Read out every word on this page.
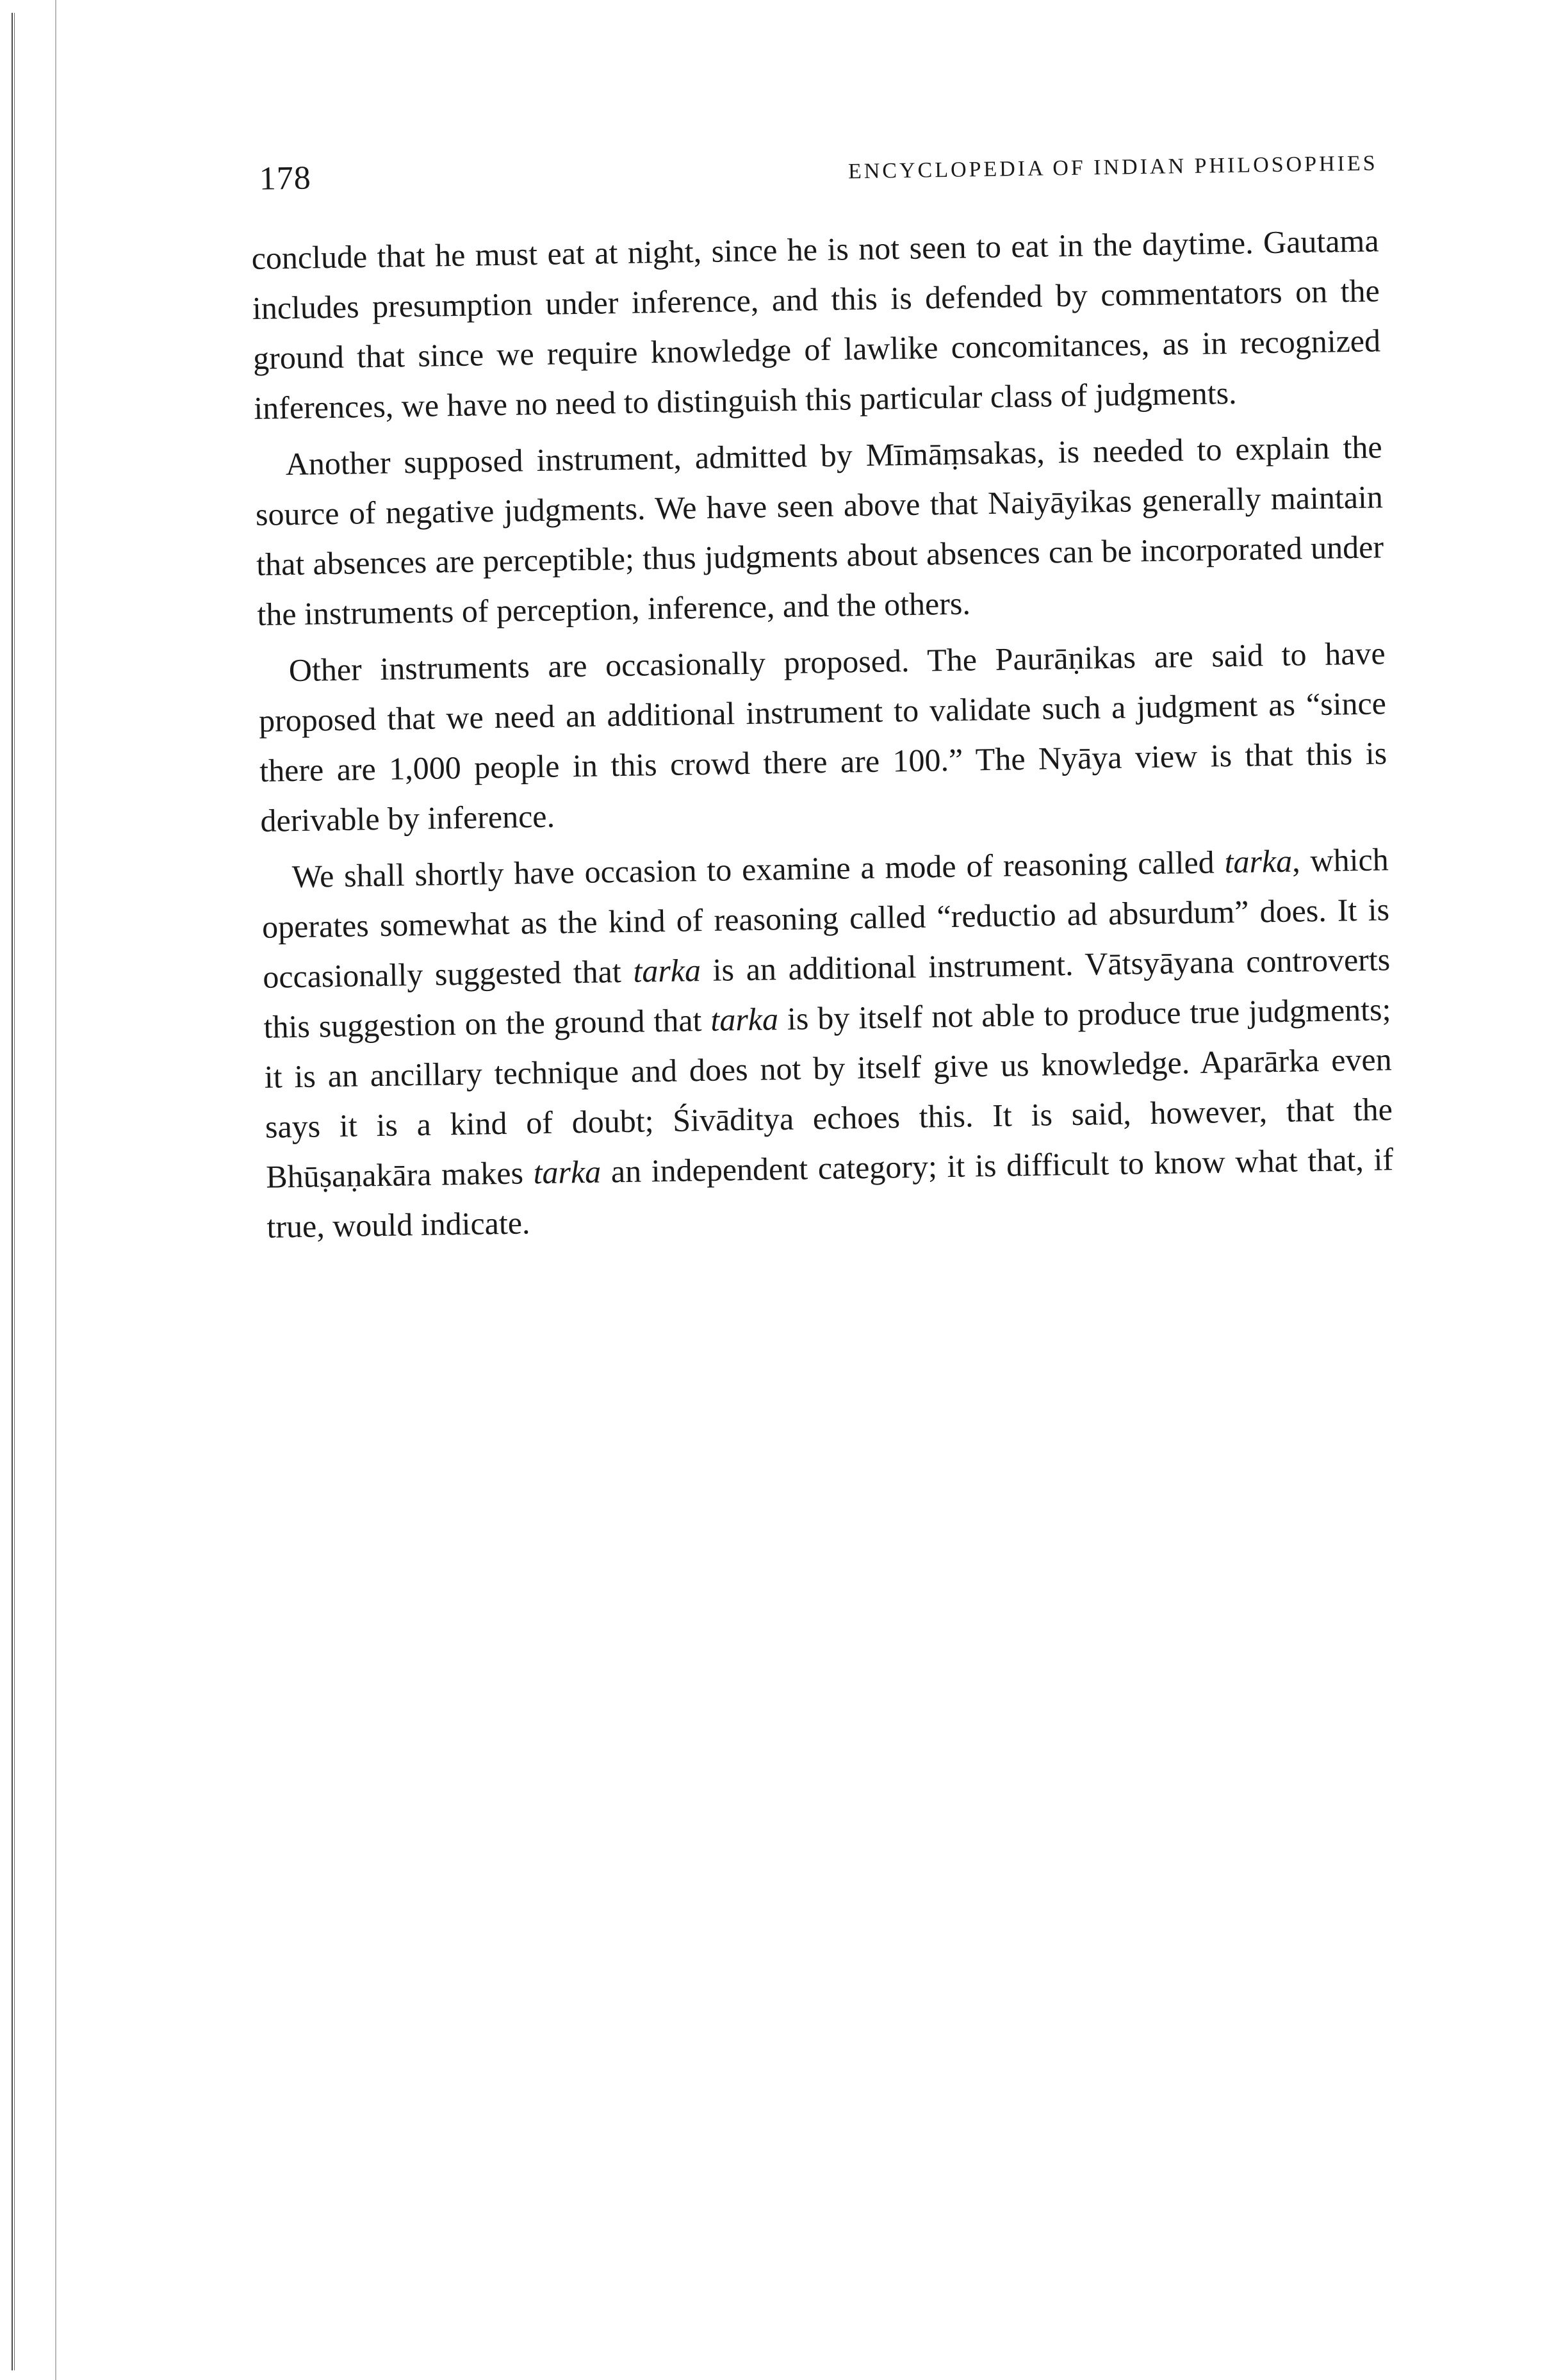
178	ENCYCLOPEDIA OF INDIAN PHILOSOPHIES

conclude that he must eat at night, since he is not seen to eat in the daytime. Gautama includes presumption under inference, and this is defended by commentators on the ground that since we require knowledge of lawlike concomitances, as in recognized inferences, we have no need to distinguish this particular class of judgments.

Another supposed instrument, admitted by Mīmāṃsakas, is needed to explain the source of negative judgments. We have seen above that Naiyāyikas generally maintain that absences are perceptible; thus judgments about absences can be incorporated under the instruments of perception, inference, and the others.

Other instruments are occasionally proposed. The Paurāṇikas are said to have proposed that we need an additional instrument to validate such a judgment as “since there are 1,000 people in this crowd there are 100.” The Nyāya view is that this is derivable by inference.

We shall shortly have occasion to examine a mode of reasoning called tarka, which operates somewhat as the kind of reasoning called “reductio ad absurdum” does. It is occasionally suggested that tarka is an additional instrument. Vātsyāyana controverts this suggestion on the ground that tarka is by itself not able to produce true judgments; it is an ancillary technique and does not by itself give us knowledge. Aparārka even says it is a kind of doubt; Śivāditya echoes this. It is said, however, that the Bhūṣaṇakāra makes tarka an independent category; it is difficult to know what that, if true, would indicate.
